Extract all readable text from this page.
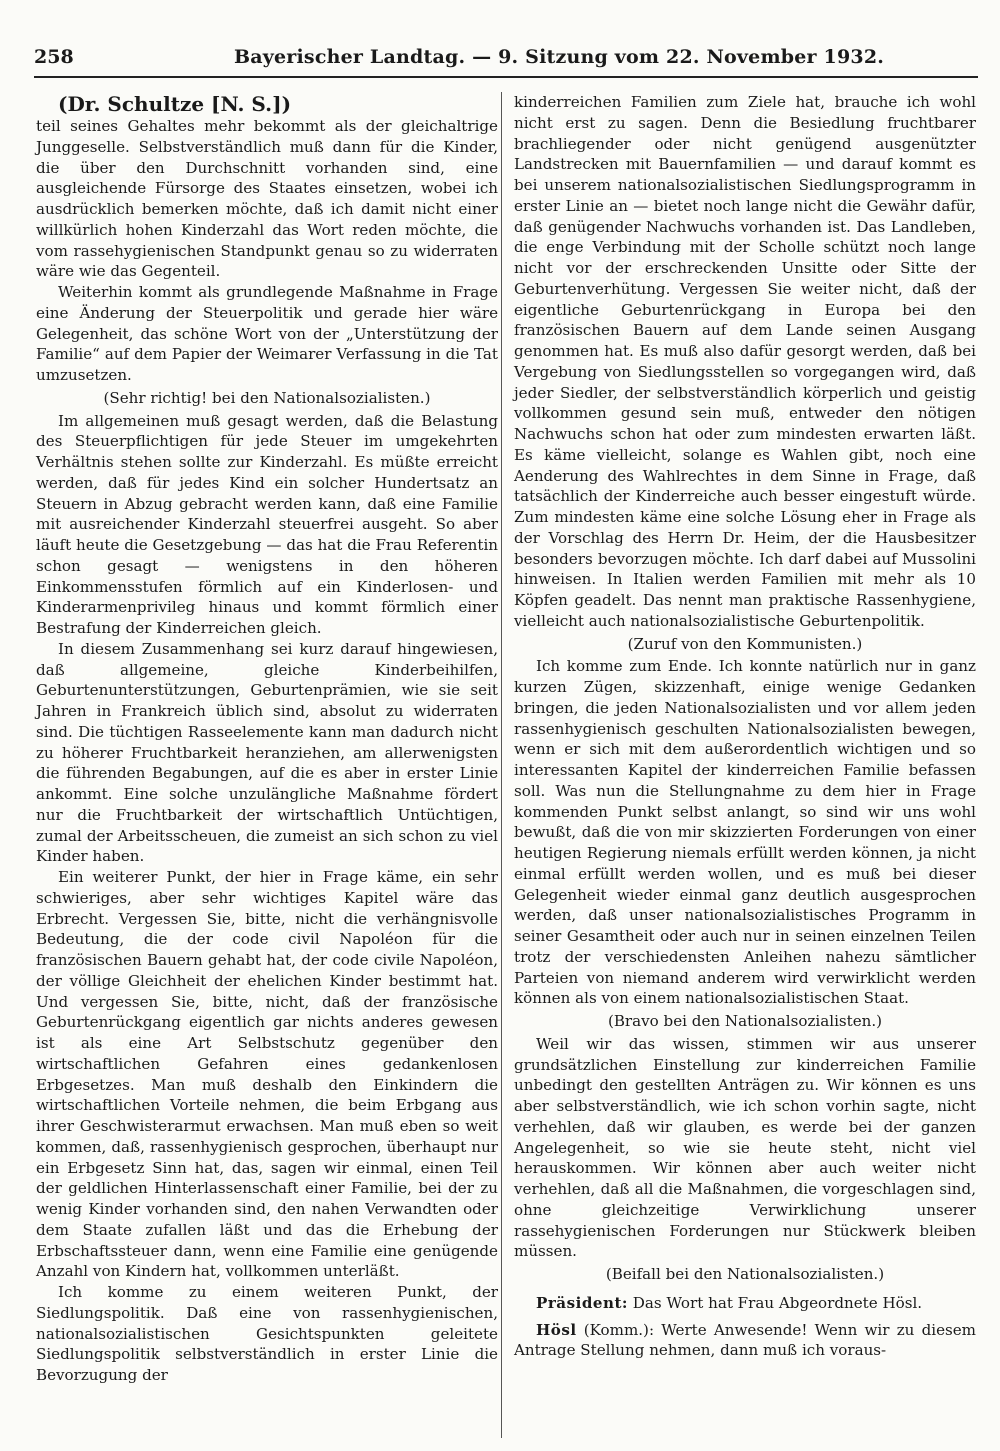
258	Bayerischer Landtag. — 9. Sitzung vom 22. November 1932.

(Dr. Schultze [N. S.])

teil seines Gehaltes mehr bekommt als der gleichaltrige Junggeselle. Selbstverständlich muß dann für die Kinder, die über den Durchschnitt vorhanden sind, eine ausgleichende Fürsorge des Staates einsetzen, wobei ich ausdrücklich bemerken möchte, daß ich damit nicht einer willkürlich hohen Kinderzahl das Wort reden möchte, die vom rassehygienischen Standpunkt genau so zu widerraten wäre wie das Gegenteil.

Weiterhin kommt als grundlegende Maßnahme in Frage eine Änderung der Steuerpolitik und gerade hier wäre Gelegenheit, das schöne Wort von der „Unterstützung der Familie“ auf dem Papier der Weimarer Verfassung in die Tat umzusetzen.

(Sehr richtig! bei den Nationalsozialisten.)

Im allgemeinen muß gesagt werden, daß die Belastung des Steuerpflichtigen für jede Steuer im umgekehrten Verhältnis stehen sollte zur Kinderzahl. Es müßte erreicht werden, daß für jedes Kind ein solcher Hundertsatz an Steuern in Abzug gebracht werden kann, daß eine Familie mit ausreichender Kinderzahl steuerfrei ausgeht. So aber läuft heute die Gesetzgebung — das hat die Frau Referentin schon gesagt — wenigstens in den höheren Einkommensstufen förmlich auf ein Kinderlosen- und Kinderarmenprivileg hinaus und kommt förmlich einer Bestrafung der Kinderreichen gleich.

In diesem Zusammenhang sei kurz darauf hingewiesen, daß allgemeine, gleiche Kinderbeihilfen, Geburtenunterstützungen, Geburtenprämien, wie sie seit Jahren in Frankreich üblich sind, absolut zu widerraten sind. Die tüchtigen Rasseelemente kann man dadurch nicht zu höherer Fruchtbarkeit heranziehen, am allerwenigsten die führenden Begabungen, auf die es aber in erster Linie ankommt. Eine solche unzulängliche Maßnahme fördert nur die Fruchtbarkeit der wirtschaftlich Untüchtigen, zumal der Arbeitsscheuen, die zumeist an sich schon zu viel Kinder haben.

Ein weiterer Punkt, der hier in Frage käme, ein sehr schwieriges, aber sehr wichtiges Kapitel wäre das Erbrecht. Vergessen Sie, bitte, nicht die verhängnisvolle Bedeutung, die der code civil Napoléon für die französischen Bauern gehabt hat, der code civile Napoléon, der völlige Gleichheit der ehelichen Kinder bestimmt hat. Und vergessen Sie, bitte, nicht, daß der französische Geburtenrückgang eigentlich gar nichts anderes gewesen ist als eine Art Selbstschutz gegenüber den wirtschaftlichen Gefahren eines gedankenlosen Erbgesetzes. Man muß deshalb den Einkindern die wirtschaftlichen Vorteile nehmen, die beim Erbgang aus ihrer Geschwisterarmut erwachsen. Man muß eben so weit kommen, daß, rassenhygienisch gesprochen, überhaupt nur ein Erbgesetz Sinn hat, das, sagen wir einmal, einen Teil der geldlichen Hinterlassenschaft einer Familie, bei der zu wenig Kinder vorhanden sind, den nahen Verwandten oder dem Staate zufallen läßt und das die Erhebung der Erbschaftssteuer dann, wenn eine Familie eine genügende Anzahl von Kindern hat, vollkommen unterläßt.

Ich komme zu einem weiteren Punkt, der Siedlungspolitik. Daß eine von rassenhygienischen, nationalsozialistischen Gesichtspunkten geleitete Siedlungspolitik selbstverständlich in erster Linie die Bevorzugung der

kinderreichen Familien zum Ziele hat, brauche ich wohl nicht erst zu sagen. Denn die Besiedlung fruchtbarer brachliegender oder nicht genügend ausgenützter Landstrecken mit Bauernfamilien — und darauf kommt es bei unserem nationalsozialistischen Siedlungsprogramm in erster Linie an — bietet noch lange nicht die Gewähr dafür, daß genügender Nachwuchs vorhanden ist. Das Landleben, die enge Verbindung mit der Scholle schützt noch lange nicht vor der erschreckenden Unsitte oder Sitte der Geburtenverhütung. Vergessen Sie weiter nicht, daß der eigentliche Geburtenrückgang in Europa bei den französischen Bauern auf dem Lande seinen Ausgang genommen hat. Es muß also dafür gesorgt werden, daß bei Vergebung von Siedlungsstellen so vorgegangen wird, daß jeder Siedler, der selbstverständlich körperlich und geistig vollkommen gesund sein muß, entweder den nötigen Nachwuchs schon hat oder zum mindesten erwarten läßt. Es käme vielleicht, solange es Wahlen gibt, noch eine Aenderung des Wahlrechtes in dem Sinne in Frage, daß tatsächlich der Kinderreiche auch besser eingestuft würde. Zum mindesten käme eine solche Lösung eher in Frage als der Vorschlag des Herrn Dr. Heim, der die Hausbesitzer besonders bevorzugen möchte. Ich darf dabei auf Mussolini hinweisen. In Italien werden Familien mit mehr als 10 Köpfen geadelt. Das nennt man praktische Rassenhygiene, vielleicht auch nationalsozialistische Geburtenpolitik.

(Zuruf von den Kommunisten.)

Ich komme zum Ende. Ich konnte natürlich nur in ganz kurzen Zügen, skizzenhaft, einige wenige Gedanken bringen, die jeden Nationalsozialisten und vor allem jeden rassenhygienisch geschulten Nationalsozialisten bewegen, wenn er sich mit dem außerordentlich wichtigen und so interessanten Kapitel der kinderreichen Familie befassen soll. Was nun die Stellungnahme zu dem hier in Frage kommenden Punkt selbst anlangt, so sind wir uns wohl bewußt, daß die von mir skizzierten Forderungen von einer heutigen Regierung niemals erfüllt werden können, ja nicht einmal erfüllt werden wollen, und es muß bei dieser Gelegenheit wieder einmal ganz deutlich ausgesprochen werden, daß unser nationalsozialistisches Programm in seiner Gesamtheit oder auch nur in seinen einzelnen Teilen trotz der verschiedensten Anleihen nahezu sämtlicher Parteien von niemand anderem wird verwirklicht werden können als von einem nationalsozialistischen Staat.

(Bravo bei den Nationalsozialisten.)

Weil wir das wissen, stimmen wir aus unserer grundsätzlichen Einstellung zur kinderreichen Familie unbedingt den gestellten Anträgen zu. Wir können es uns aber selbstverständlich, wie ich schon vorhin sagte, nicht verhehlen, daß wir glauben, es werde bei der ganzen Angelegenheit, so wie sie heute steht, nicht viel herauskommen. Wir können aber auch weiter nicht verhehlen, daß all die Maßnahmen, die vorgeschlagen sind, ohne gleichzeitige Verwirklichung unserer rassehygienischen Forderungen nur Stückwerk bleiben müssen.

(Beifall bei den Nationalsozialisten.)

Präsident: Das Wort hat Frau Abgeordnete Hösl.

Hösl (Komm.): Werte Anwesende! Wenn wir zu diesem Antrage Stellung nehmen, dann muß ich voraus-
